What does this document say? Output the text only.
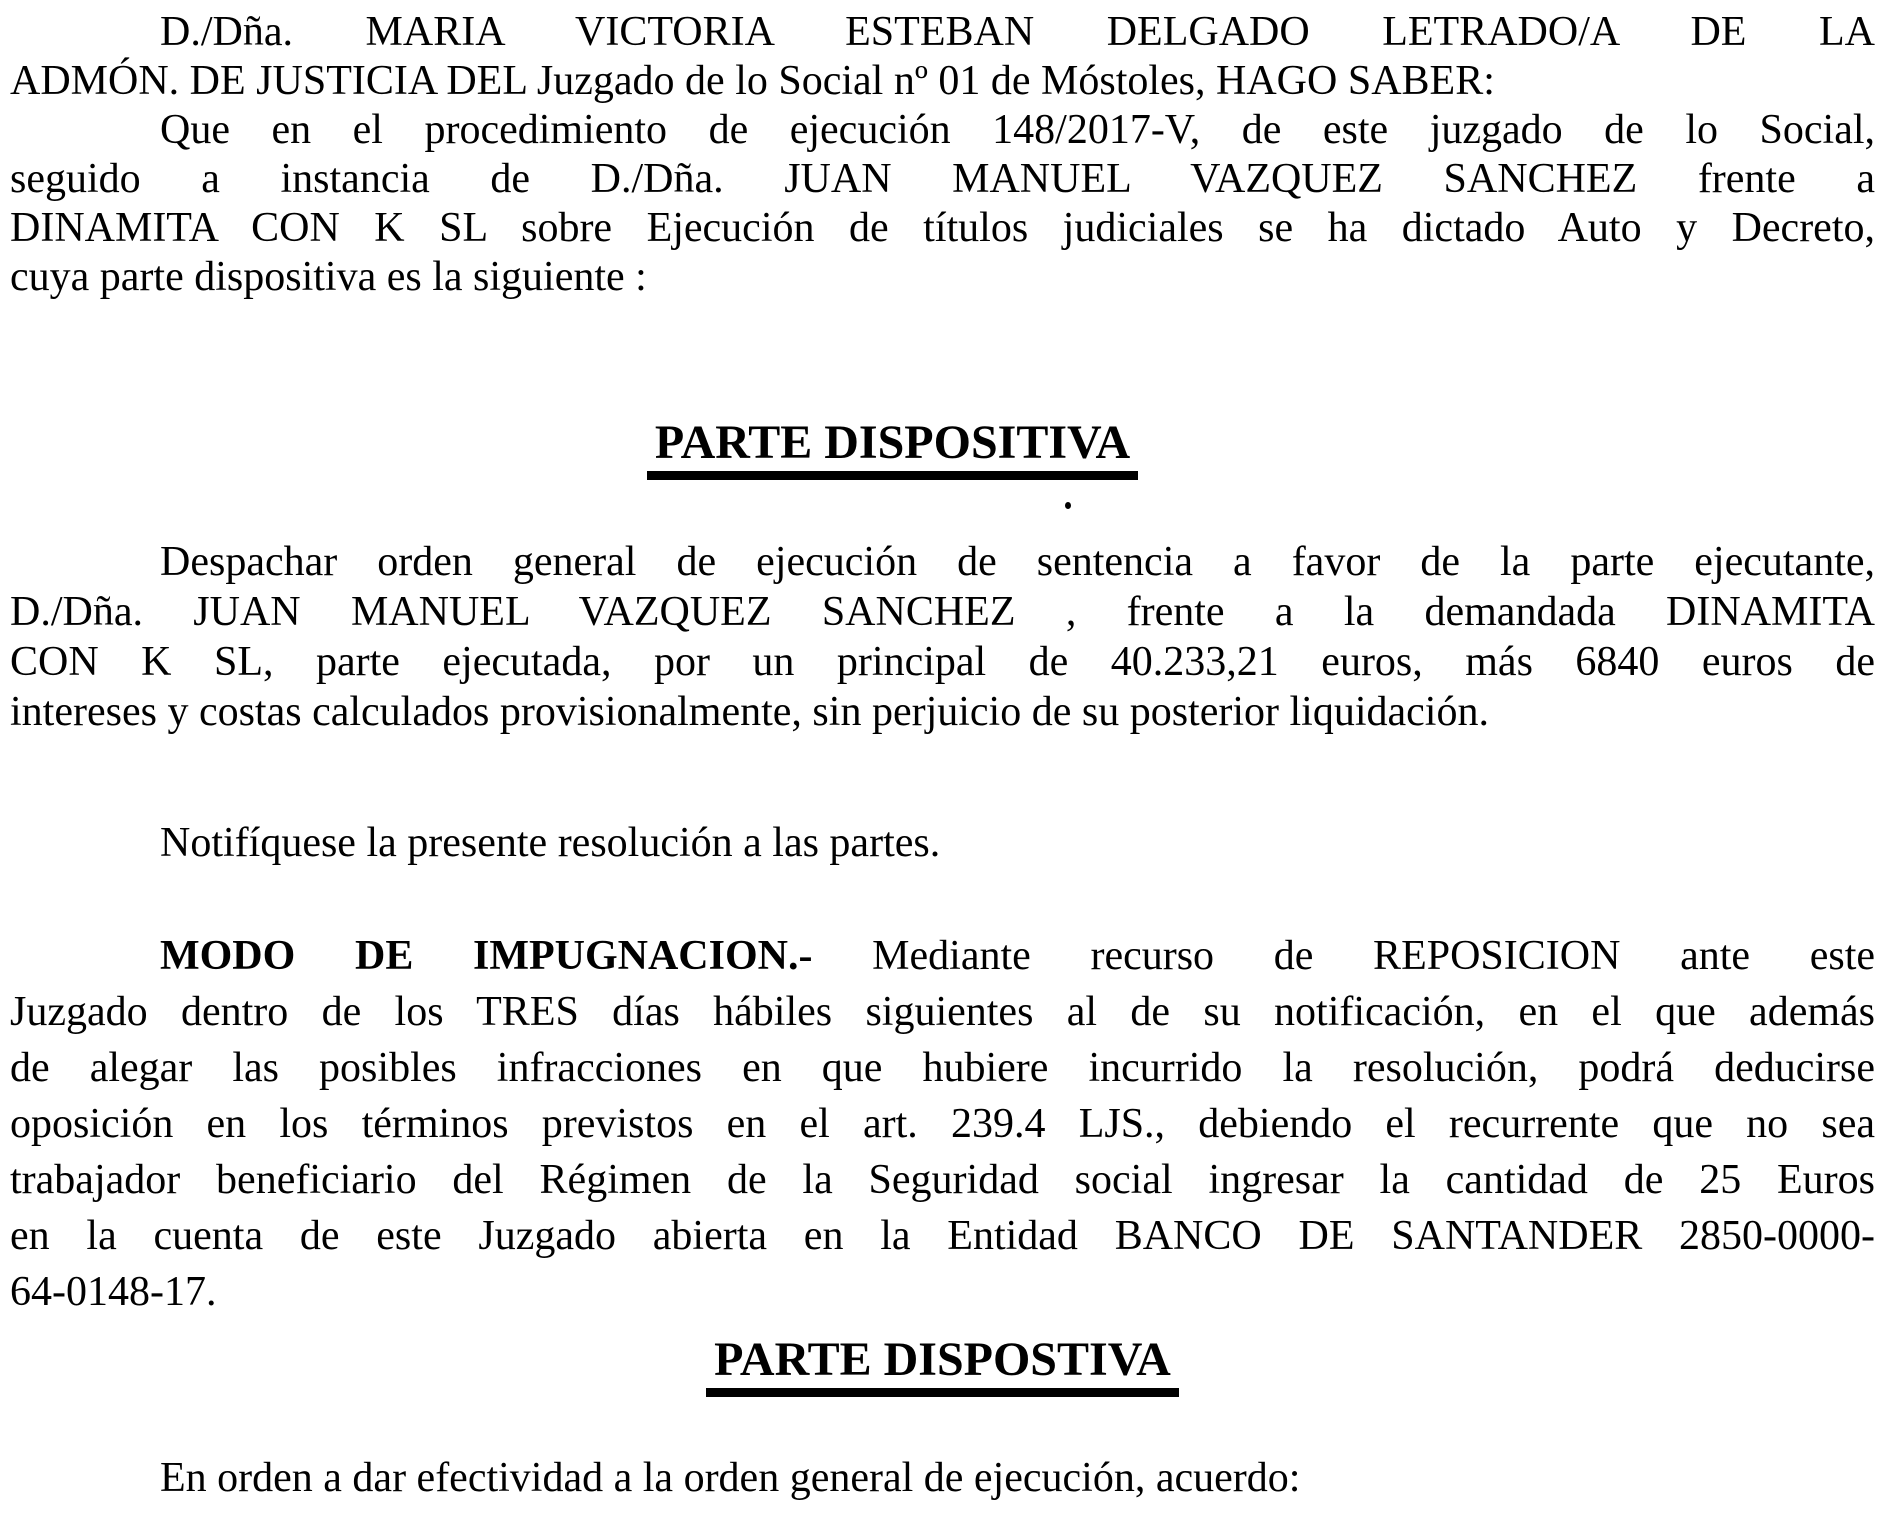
D./Dña. MARIA VICTORIA ESTEBAN DELGADO LETRADO/A DE LA
ADMÓN. DE JUSTICIA DEL Juzgado de lo Social nº 01 de Móstoles, HAGO SABER:
Que en el procedimiento de ejecución 148/2017-V, de este juzgado de lo Social,
seguido a instancia de D./Dña. JUAN MANUEL VAZQUEZ SANCHEZ frente a
DINAMITA CON K SL sobre Ejecución de títulos judiciales se ha dictado Auto y Decreto,
cuya parte dispositiva es la siguiente :
PARTE DISPOSITIVA
Despachar orden general de ejecución de sentencia a favor de la parte ejecutante,
D./Dña. JUAN MANUEL VAZQUEZ SANCHEZ , frente a la demandada DINAMITA
CON K SL, parte ejecutada, por un principal de 40.233,21 euros, más 6840 euros de
intereses y costas calculados provisionalmente, sin perjuicio de su posterior liquidación.
Notifíquese la presente resolución a las partes.
MODO DE IMPUGNACION.- Mediante recurso de REPOSICION ante este
Juzgado dentro de los TRES días hábiles siguientes al de su notificación, en el que además
de alegar las posibles infracciones en que hubiere incurrido la resolución, podrá deducirse
oposición en los términos previstos en el art. 239.4 LJS., debiendo el recurrente que no sea
trabajador beneficiario del Régimen de la Seguridad social ingresar la cantidad de 25 Euros
en la cuenta de este Juzgado abierta en la Entidad BANCO DE SANTANDER 2850-0000-
64-0148-17.
PARTE DISPOSTIVA
En orden a dar efectividad a la orden general de ejecución, acuerdo:
